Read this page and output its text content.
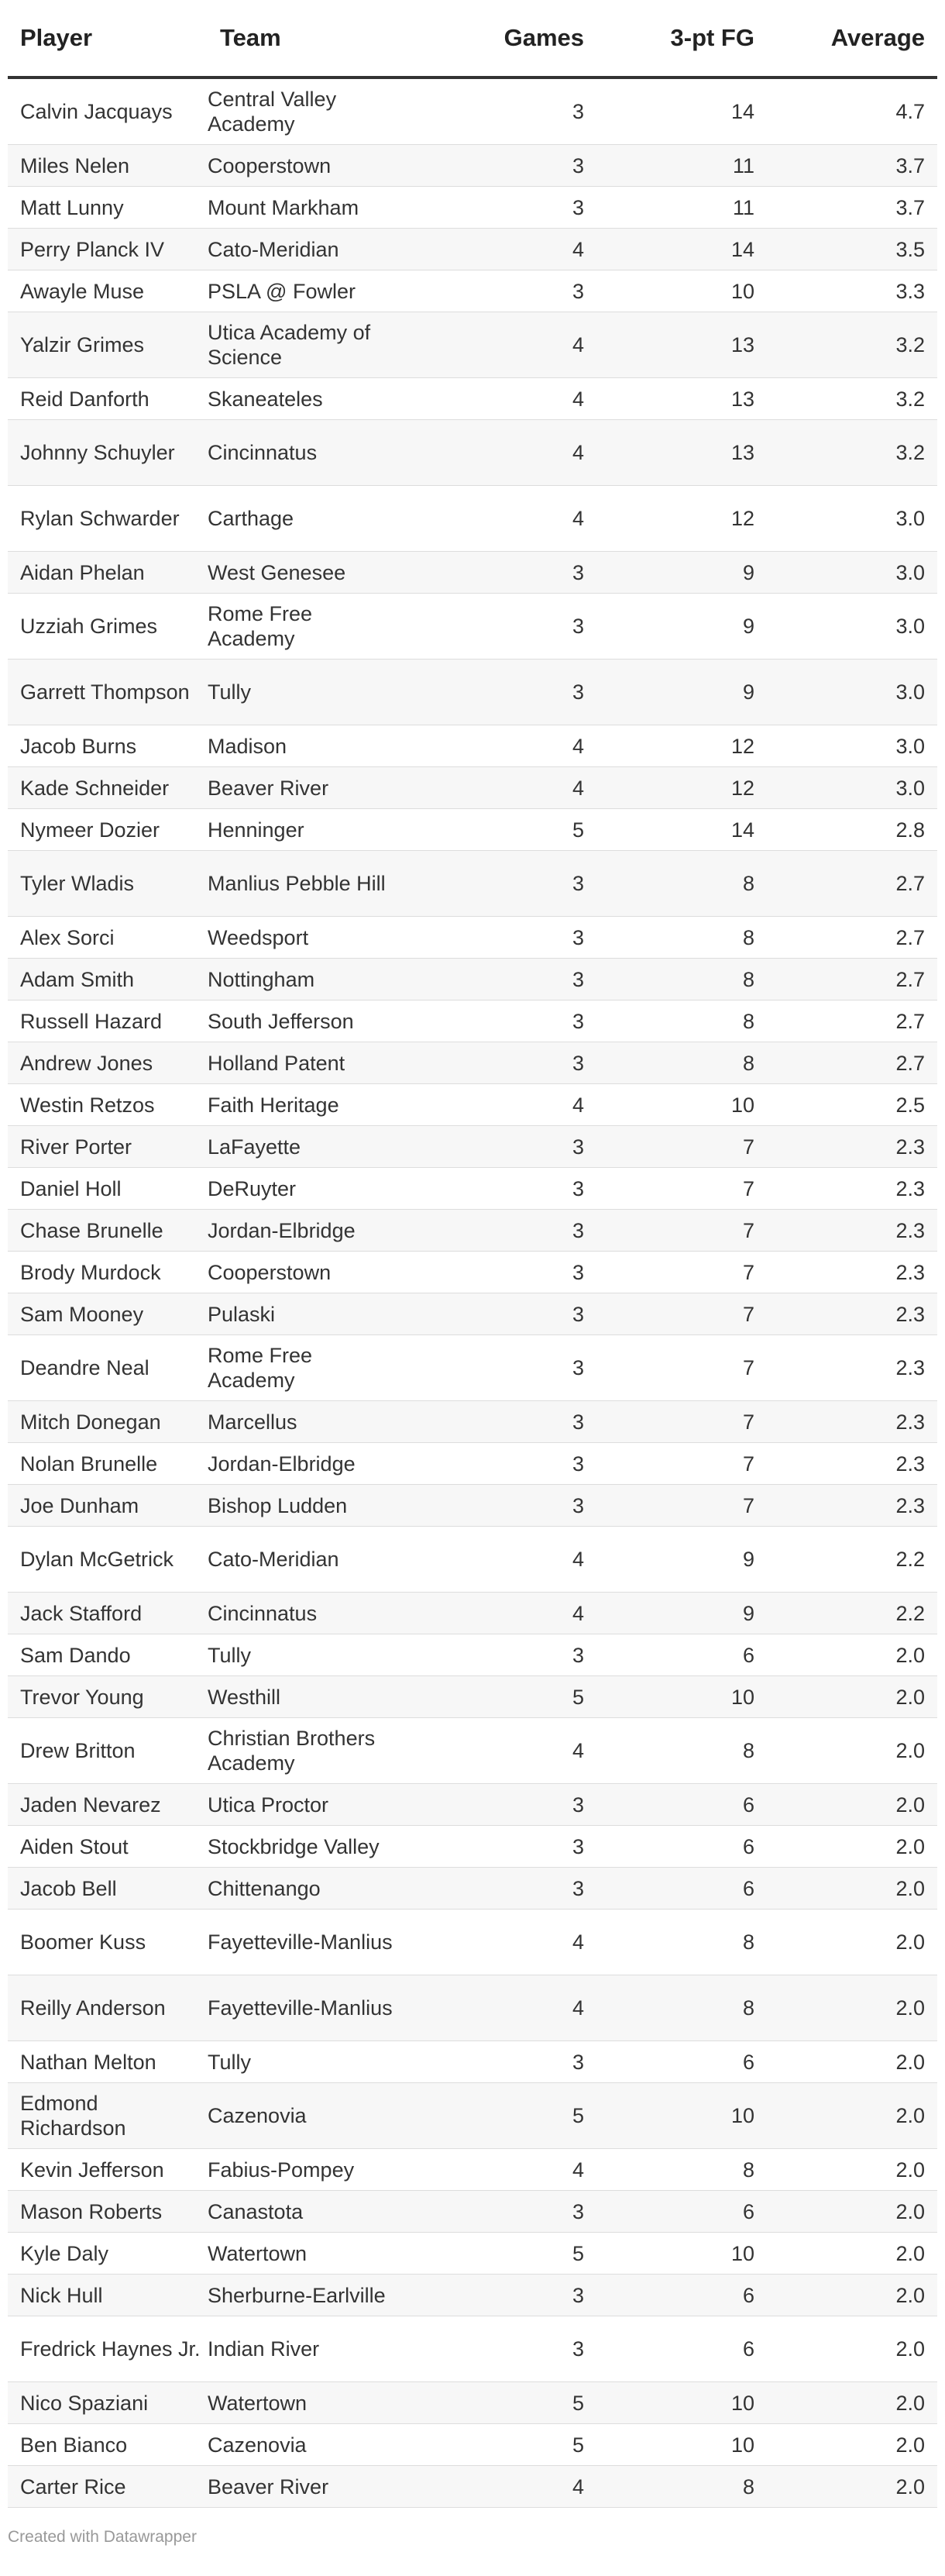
Player	Team	Games	3-pt FG	Average
Calvin Jacquays	Central Valley Academy	3	14	4.7
Miles Nelen	Cooperstown	3	11	3.7
Matt Lunny	Mount Markham	3	11	3.7
Perry Planck IV	Cato-Meridian	4	14	3.5
Awayle Muse	PSLA @ Fowler	3	10	3.3
Yalzir Grimes	Utica Academy of Science	4	13	3.2
Reid Danforth	Skaneateles	4	13	3.2
Johnny Schuyler	Cincinnatus	4	13	3.2
Rylan Schwarder	Carthage	4	12	3.0
Aidan Phelan	West Genesee	3	9	3.0
Uzziah Grimes	Rome Free Academy	3	9	3.0
Garrett Thompson	Tully	3	9	3.0
Jacob Burns	Madison	4	12	3.0
Kade Schneider	Beaver River	4	12	3.0
Nymeer Dozier	Henninger	5	14	2.8
Tyler Wladis	Manlius Pebble Hill	3	8	2.7
Alex Sorci	Weedsport	3	8	2.7
Adam Smith	Nottingham	3	8	2.7
Russell Hazard	South Jefferson	3	8	2.7
Andrew Jones	Holland Patent	3	8	2.7
Westin Retzos	Faith Heritage	4	10	2.5
River Porter	LaFayette	3	7	2.3
Daniel Holl	DeRuyter	3	7	2.3
Chase Brunelle	Jordan-Elbridge	3	7	2.3
Brody Murdock	Cooperstown	3	7	2.3
Sam Mooney	Pulaski	3	7	2.3
Deandre Neal	Rome Free Academy	3	7	2.3
Mitch Donegan	Marcellus	3	7	2.3
Nolan Brunelle	Jordan-Elbridge	3	7	2.3
Joe Dunham	Bishop Ludden	3	7	2.3
Dylan McGetrick	Cato-Meridian	4	9	2.2
Jack Stafford	Cincinnatus	4	9	2.2
Sam Dando	Tully	3	6	2.0
Trevor Young	Westhill	5	10	2.0
Drew Britton	Christian Brothers Academy	4	8	2.0
Jaden Nevarez	Utica Proctor	3	6	2.0
Aiden Stout	Stockbridge Valley	3	6	2.0
Jacob Bell	Chittenango	3	6	2.0
Boomer Kuss	Fayetteville-Manlius	4	8	2.0
Reilly Anderson	Fayetteville-Manlius	4	8	2.0
Nathan Melton	Tully	3	6	2.0
Edmond Richardson	Cazenovia	5	10	2.0
Kevin Jefferson	Fabius-Pompey	4	8	2.0
Mason Roberts	Canastota	3	6	2.0
Kyle Daly	Watertown	5	10	2.0
Nick Hull	Sherburne-Earlville	3	6	2.0
Fredrick Haynes Jr.	Indian River	3	6	2.0
Nico Spaziani	Watertown	5	10	2.0
Ben Bianco	Cazenovia	5	10	2.0
Carter Rice	Beaver River	4	8	2.0
Created with Datawrapper
